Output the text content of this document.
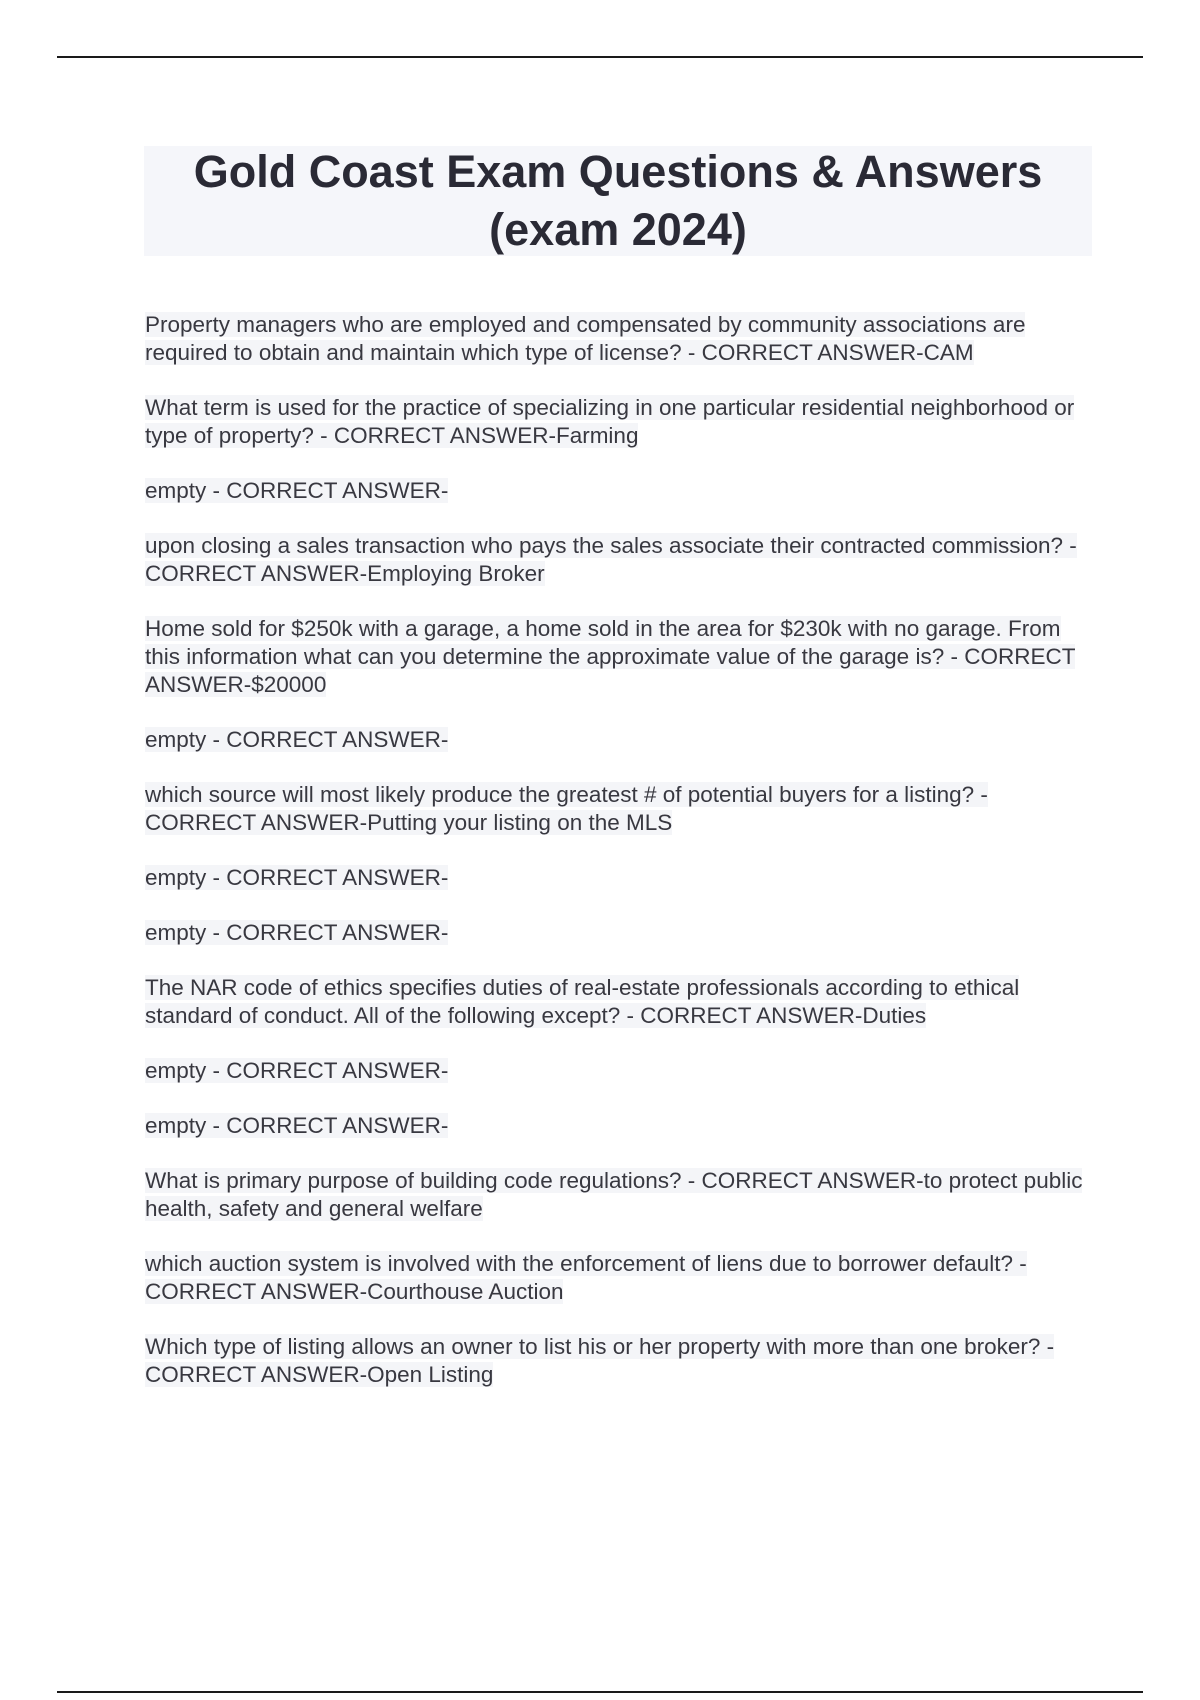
Gold Coast Exam Questions & Answers (exam 2024)
Property managers who are employed and compensated by community associations are required to obtain and maintain which type of license? - CORRECT ANSWER-CAM
What term is used for the practice of specializing in one particular residential neighborhood or type of property? - CORRECT ANSWER-Farming
empty - CORRECT ANSWER-
upon closing a sales transaction who pays the sales associate their contracted commission? - CORRECT ANSWER-Employing Broker
Home sold for $250k with a garage, a home sold in the area for $230k with no garage. From this information what can you determine the approximate value of the garage is? - CORRECT ANSWER-$20000
empty - CORRECT ANSWER-
which source will most likely produce the greatest # of potential buyers for a listing? - CORRECT ANSWER-Putting your listing on the MLS
empty - CORRECT ANSWER-
empty - CORRECT ANSWER-
The NAR code of ethics specifies duties of real-estate professionals according to ethical standard of conduct. All of the following except? - CORRECT ANSWER-Duties
empty - CORRECT ANSWER-
empty - CORRECT ANSWER-
What is primary purpose of building code regulations? - CORRECT ANSWER-to protect public health, safety and general welfare
which auction system is involved with the enforcement of liens due to borrower default? - CORRECT ANSWER-Courthouse Auction
Which type of listing allows an owner to list his or her property with more than one broker? - CORRECT ANSWER-Open Listing
